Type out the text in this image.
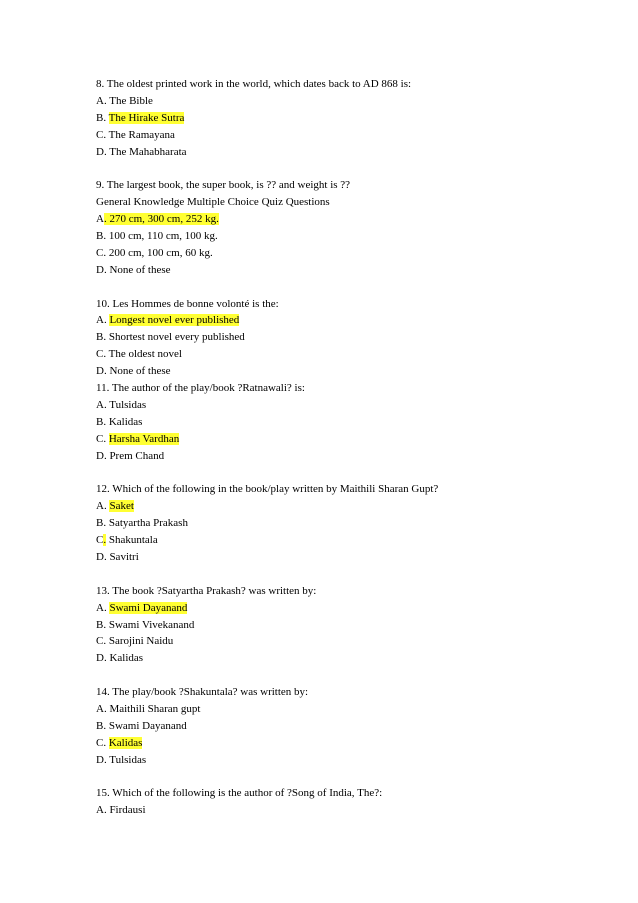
8. The oldest printed work in the world, which dates back to AD 868 is:
A. The Bible
B. The Hirake Sutra
C. The Ramayana
D. The Mahabharata
9. The largest book, the super book, is ?? and weight is ??
General Knowledge Multiple Choice Quiz Questions
A. 270 cm, 300 cm, 252 kg.
B. 100 cm, 110 cm, 100 kg.
C. 200 cm, 100 cm, 60 kg.
D. None of these
10. Les Hommes de bonne volonté is the:
A. Longest novel ever published
B. Shortest novel every published
C. The oldest novel
D. None of these
11. The author of the play/book ?Ratnawali? is:
A. Tulsidas
B. Kalidas
C. Harsha Vardhan
D. Prem Chand
12. Which of the following in the book/play written by Maithili Sharan Gupt?
A. Saket
B. Satyartha Prakash
C. Shakuntala
D. Savitri
13. The book ?Satyartha Prakash? was written by:
A. Swami Dayanand
B. Swami Vivekanand
C. Sarojini Naidu
D. Kalidas
14. The play/book ?Shakuntala? was written by:
A. Maithili Sharan gupt
B. Swami Dayanand
C. Kalidas
D. Tulsidas
15. Which of the following is the author of ?Song of India, The?:
A. Firdausi
